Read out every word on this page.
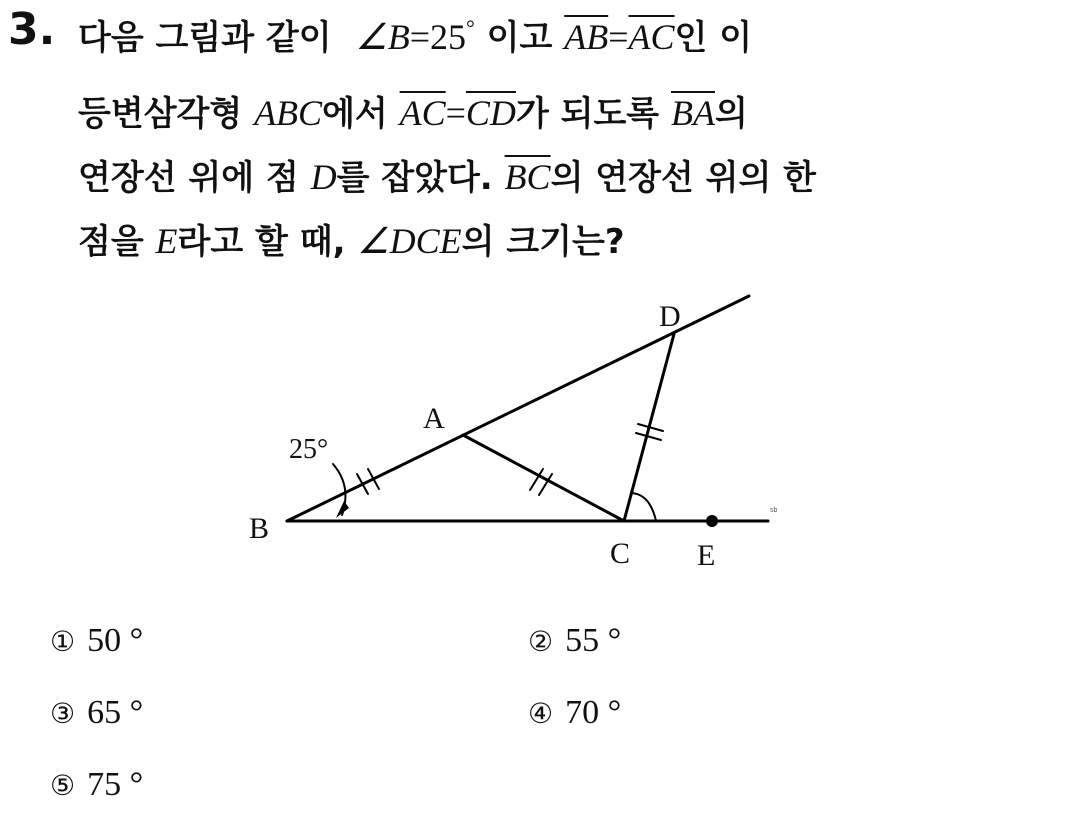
3. 다음 그림과 같이 ∠B=25° 이고 $\overline{AB}=\overline{AC}$인 이
등변삼각형 ABC에서 $\overline{AC}=\overline{CD}$가 되도록 $\overline{BA}$의
연장선 위에 점 D를 잡았다. $\overline{BC}$의 연장선 위의 한
점을 E라고 할 때, ∠DCE의 크기는?
sb
A
B
C
D
E
25°
① 50 °	② 55 °
③ 65 °	④ 70 °
⑤ 75 °
